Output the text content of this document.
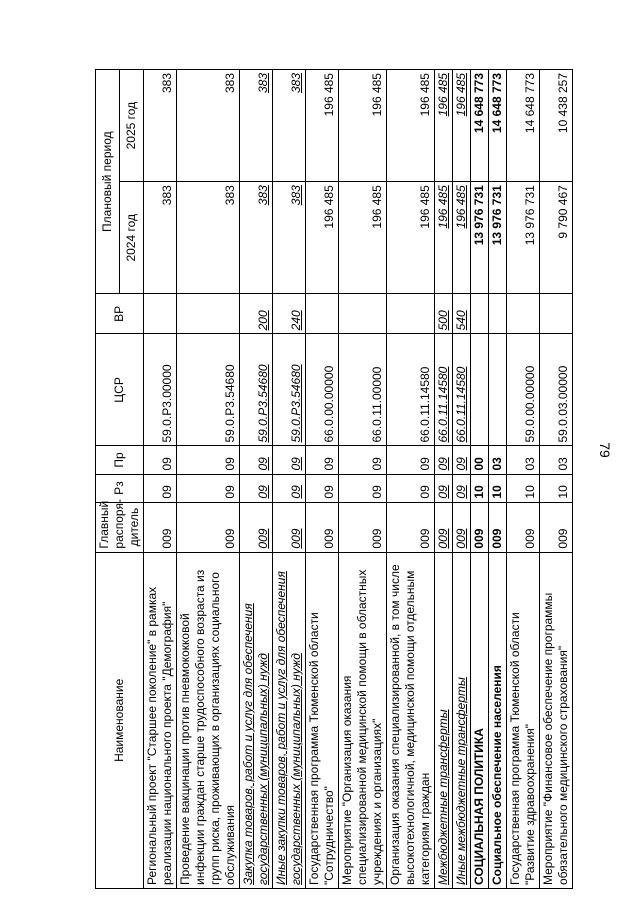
79
Наименование	Главный распоря-дитель	Рз	Пр	ЦСР	ВР	Плановый период	
						2024 год	2025 год
Региональный проект "Старшее поколение" в рамках реализации национального проекта "Демография"	009	09	09	59.0.P3.00000		383	383
Проведение вакцинации против пневмококковой инфекции граждан старше трудоспособного возраста из групп риска, проживающих в организациях социального обслуживания	009	09	09	59.0.P3.54680		383	383
Закупка товаров, работ и услуг для обеспечения государственных (муниципальных) нужд	009	09	09	59.0.P3.54680	200	383	383
Иные закупки товаров, работ и услуг для обеспечения государственных (муниципальных) нужд	009	09	09	59.0.P3.54680	240	383	383
Государственная программа Тюменской области "Сотрудничество"	009	09	09	66.0.00.00000		196 485	196 485
Мероприятие "Организация оказания специализированной медицинской помощи в областных учреждениях и организациях"	009	09	09	66.0.11.00000		196 485	196 485
Организация оказания специализированной, в том числе высокотехнологичной, медицинской помощи отдельным категориям граждан	009	09	09	66.0.11.14580		196 485	196 485
Межбюджетные трансферты	009	09	09	66.0.11.14580	500	196 485	196 485
Иные межбюджетные трансферты	009	09	09	66.0.11.14580	540	196 485	196 485
СОЦИАЛЬНАЯ ПОЛИТИКА	009	10	00			13 976 731	14 648 773
Социальное обеспечение населения	009	10	03			13 976 731	14 648 773
Государственная программа Тюменской области "Развитие здравоохранения"	009	10	03	59.0.00.00000		13 976 731	14 648 773
Мероприятие "Финансовое обеспечение программы обязательного медицинского страхования"	009	10	03	59.0.03.00000		9 790 467	10 438 257
